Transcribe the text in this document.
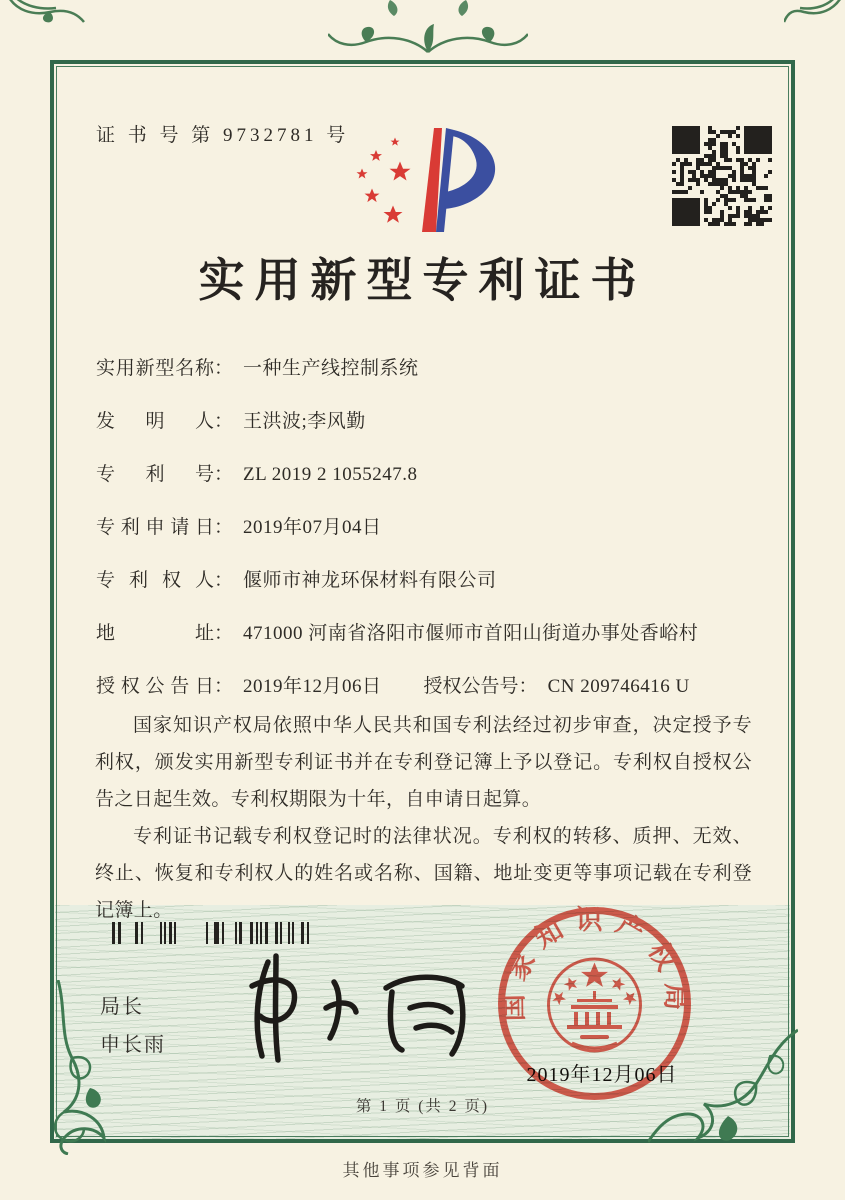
证 书 号 第 9732781 号
实用新型专利证书
实用新型名称： 一种生产线控制系统
发明人： 王洪波;李风勤
专利号： ZL 2019 2 1055247.8
专利申请日： 2019年07月04日
专利权人： 偃师市神龙环保材料有限公司
地址： 471000 河南省洛阳市偃师市首阳山街道办事处香峪村
授权公告日： 2019年12月06日 授权公告号： CN 209746416 U

国家知识产权局依照中华人民共和国专利法经过初步审查，决定授予专利权，颁发实用新型专利证书并在专利登记簿上予以登记。专利权自授权公告之日起生效。专利权期限为十年，自申请日起算。

专利证书记载专利权登记时的法律状况。专利权的转移、质押、无效、终止、恢复和专利权人的姓名或名称、国籍、地址变更等事项记载在专利登记簿上。

局长
申长雨
2019年12月06日
国家知识产权局
第 1 页 (共 2 页)
其他事项参见背面
